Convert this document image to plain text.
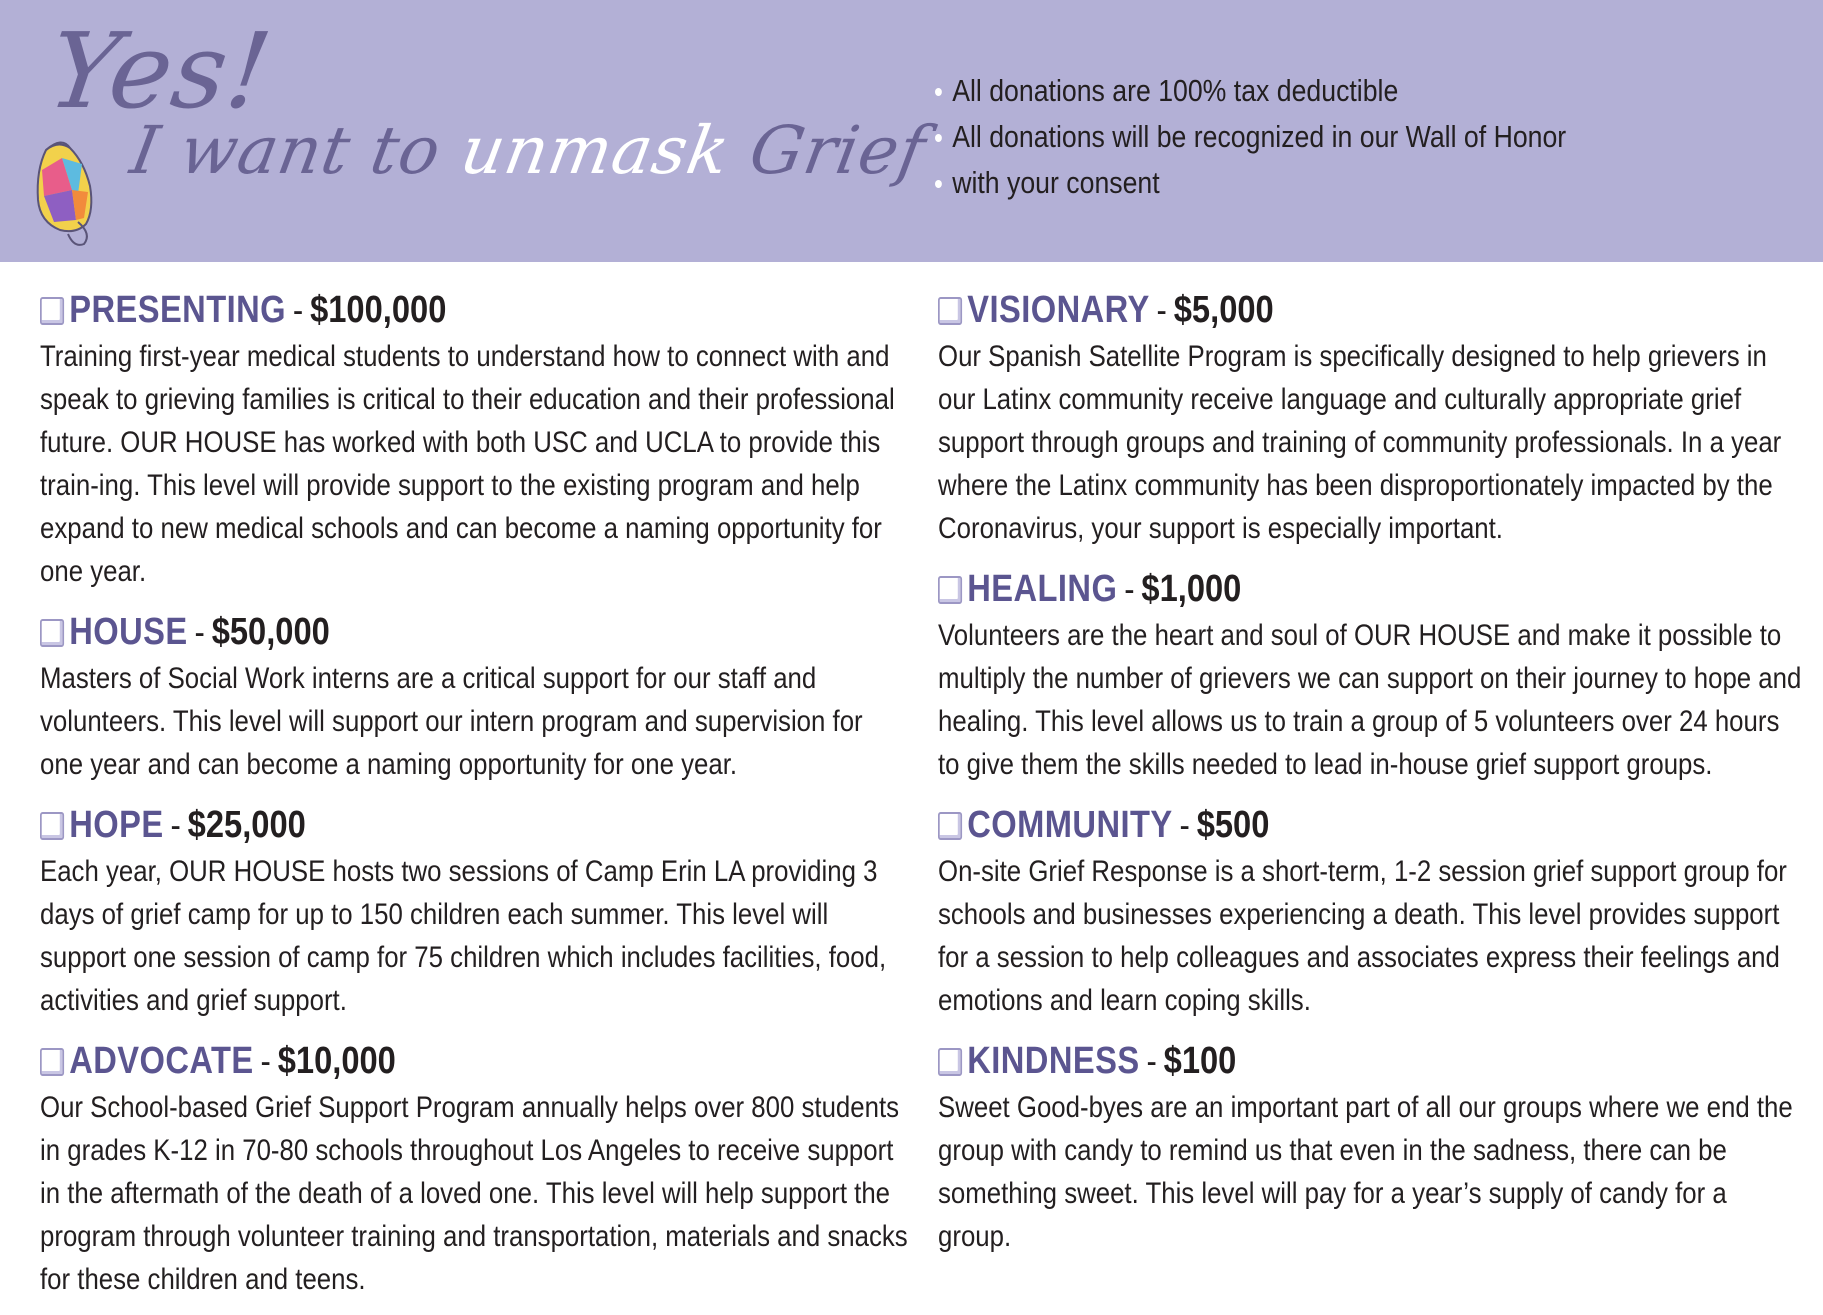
Yes!
I want to unmask Grief
All donations are 100% tax deductible
All donations will be recognized in our Wall of Honor
with your consent
PRESENTING - $100,000

Training first-year medical students to understand how to connect with and speak to grieving families is critical to their education and their professional future. OUR HOUSE has worked with both USC and UCLA to provide this train-ing. This level will provide support to the existing program and help expand to new medical schools and can become a naming opportunity for one year.

HOUSE - $50,000

Masters of Social Work interns are a critical support for our staff and volunteers. This level will support our intern program and supervision for one year and can become a naming opportunity for one year.

HOPE - $25,000

Each year, OUR HOUSE hosts two sessions of Camp Erin LA providing 3 days of grief camp for up to 150 children each summer. This level will support one session of camp for 75 children which includes facilities, food, activities and grief support.

ADVOCATE - $10,000

Our School-based Grief Support Program annually helps over 800 students in grades K-12 in 70-80 schools throughout Los Angeles to receive support in the aftermath of the death of a loved one. This level will help support the program through volunteer training and transportation, materials and snacks for these children and teens.

VISIONARY - $5,000

Our Spanish Satellite Program is specifically designed to help grievers in our Latinx community receive language and culturally appropriate grief support through groups and training of community professionals. In a year where the Latinx community has been disproportionately impacted by the Coronavirus, your support is especially important.

HEALING - $1,000

Volunteers are the heart and soul of OUR HOUSE and make it possible to multiply the number of grievers we can support on their journey to hope and healing. This level allows us to train a group of 5 volunteers over 24 hours to give them the skills needed to lead in-house grief support groups.

COMMUNITY - $500

On-site Grief Response is a short-term, 1-2 session grief support group for schools and businesses experiencing a death. This level provides support for a session to help colleagues and associates express their feelings and emotions and learn coping skills.

KINDNESS - $100

Sweet Good-byes are an important part of all our groups where we end the group with candy to remind us that even in the sadness, there can be something sweet. This level will pay for a year’s supply of candy for a group.
